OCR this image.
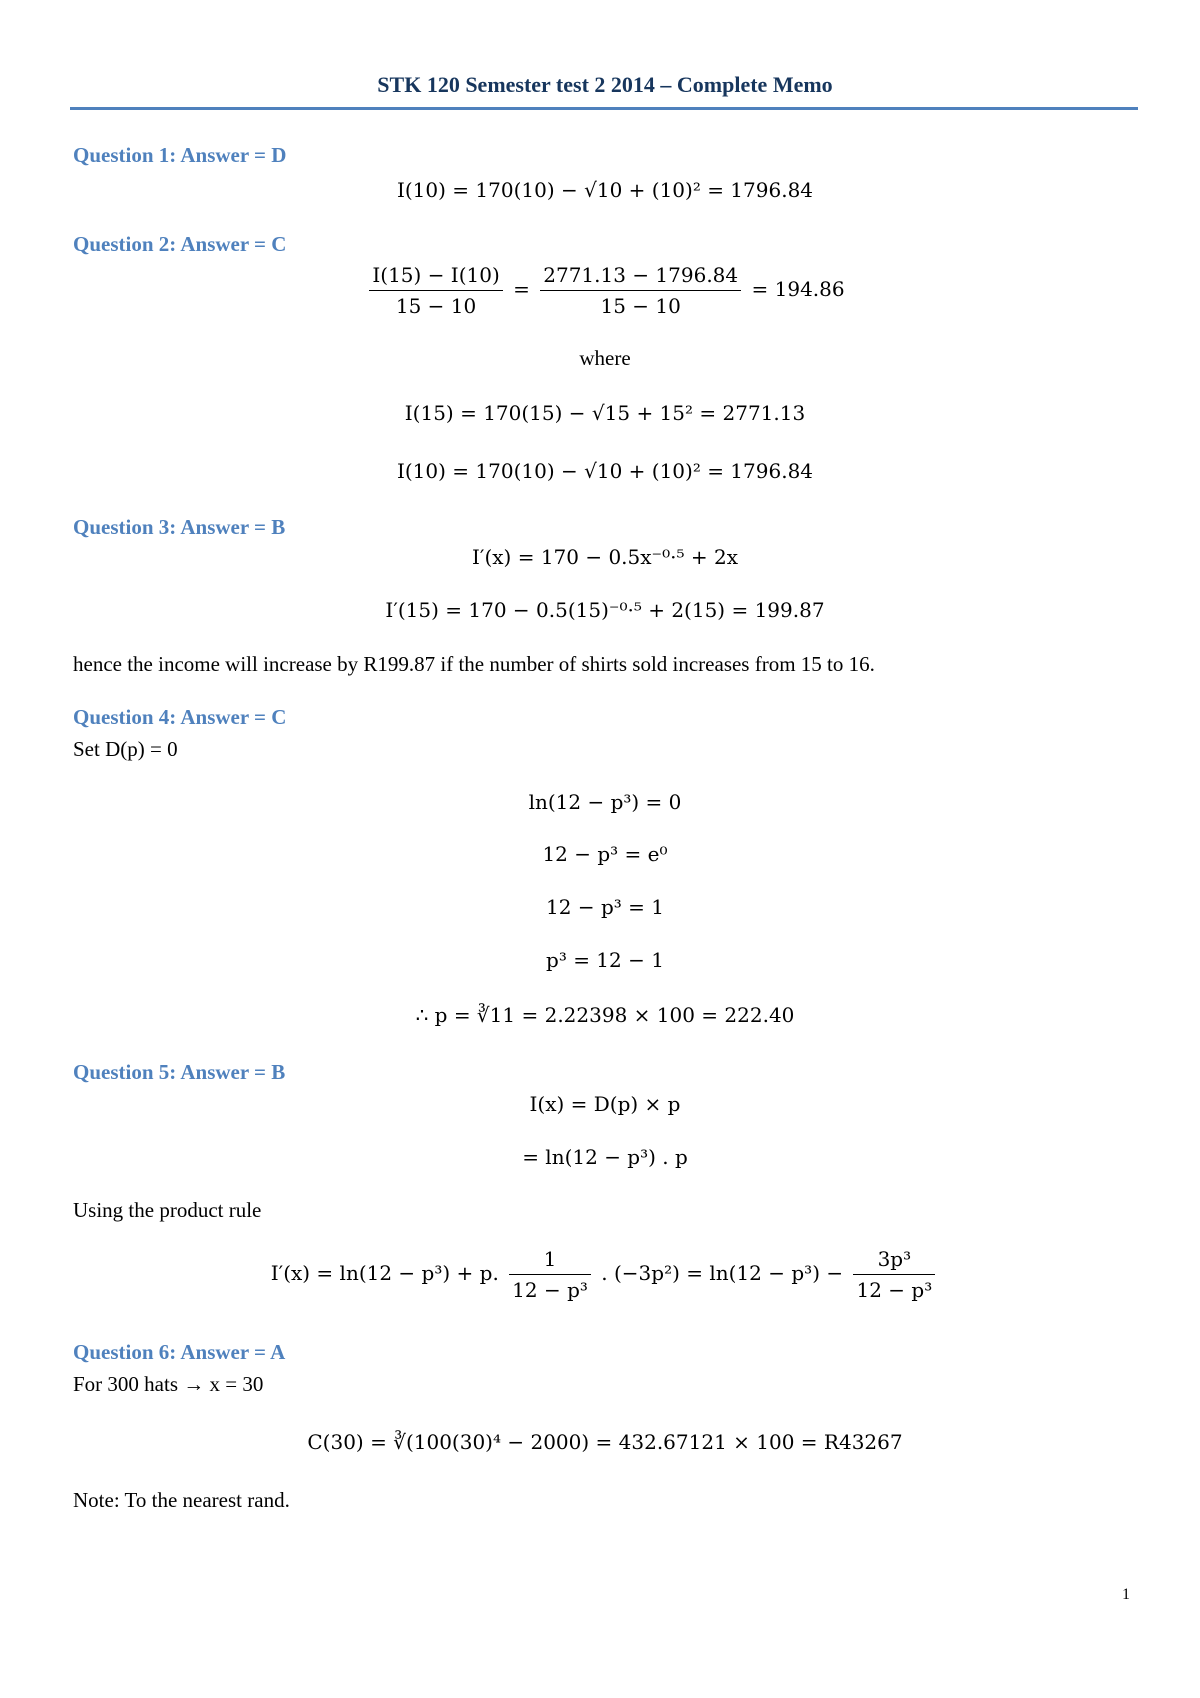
STK 120 Semester test 2 2014 – Complete Memo
Question 1: Answer = D
I(10) = 170(10) − √10 + (10)² = 1796.84
Question 2: Answer = C
$\frac{I(15) - I(10)}{15 - 10} = \frac{2771.13 - 1796.84}{15 - 10} = 194.86$
where
I(15) = 170(15) − √15 + 15² = 2771.13
I(10) = 170(10) − √10 + (10)² = 1796.84
Question 3: Answer = B
I′(x) = 170 − 0.5x⁻⁰·⁵ + 2x
I′(15) = 170 − 0.5(15)⁻⁰·⁵ + 2(15) = 199.87
hence the income will increase by R199.87 if the number of shirts sold increases from 15 to 16.
Question 4: Answer = C
Set D(p) = 0
ln(12 − p³) = 0
12 − p³ = e⁰
12 − p³ = 1
p³ = 12 − 1
∴ p = ∛11 = 2.22398 × 100 = 222.40
Question 5: Answer = B
I(x) = D(p) × p
= ln(12 − p³) . p
Using the product rule
I′(x) = ln(12 − p³) + p. $\frac{1}{\text{12 − p³}}$ . $(-3p^2) = \ln(12 - p^3) - \frac{\text{3p³}}{\text{12 − p³}}$
Question 6: Answer = A
For 300 hats → x = 30
C(30) = ∛(100(30)⁴ − 2000) = 432.67121 × 100 = R43267
Note: To the nearest rand.
1
